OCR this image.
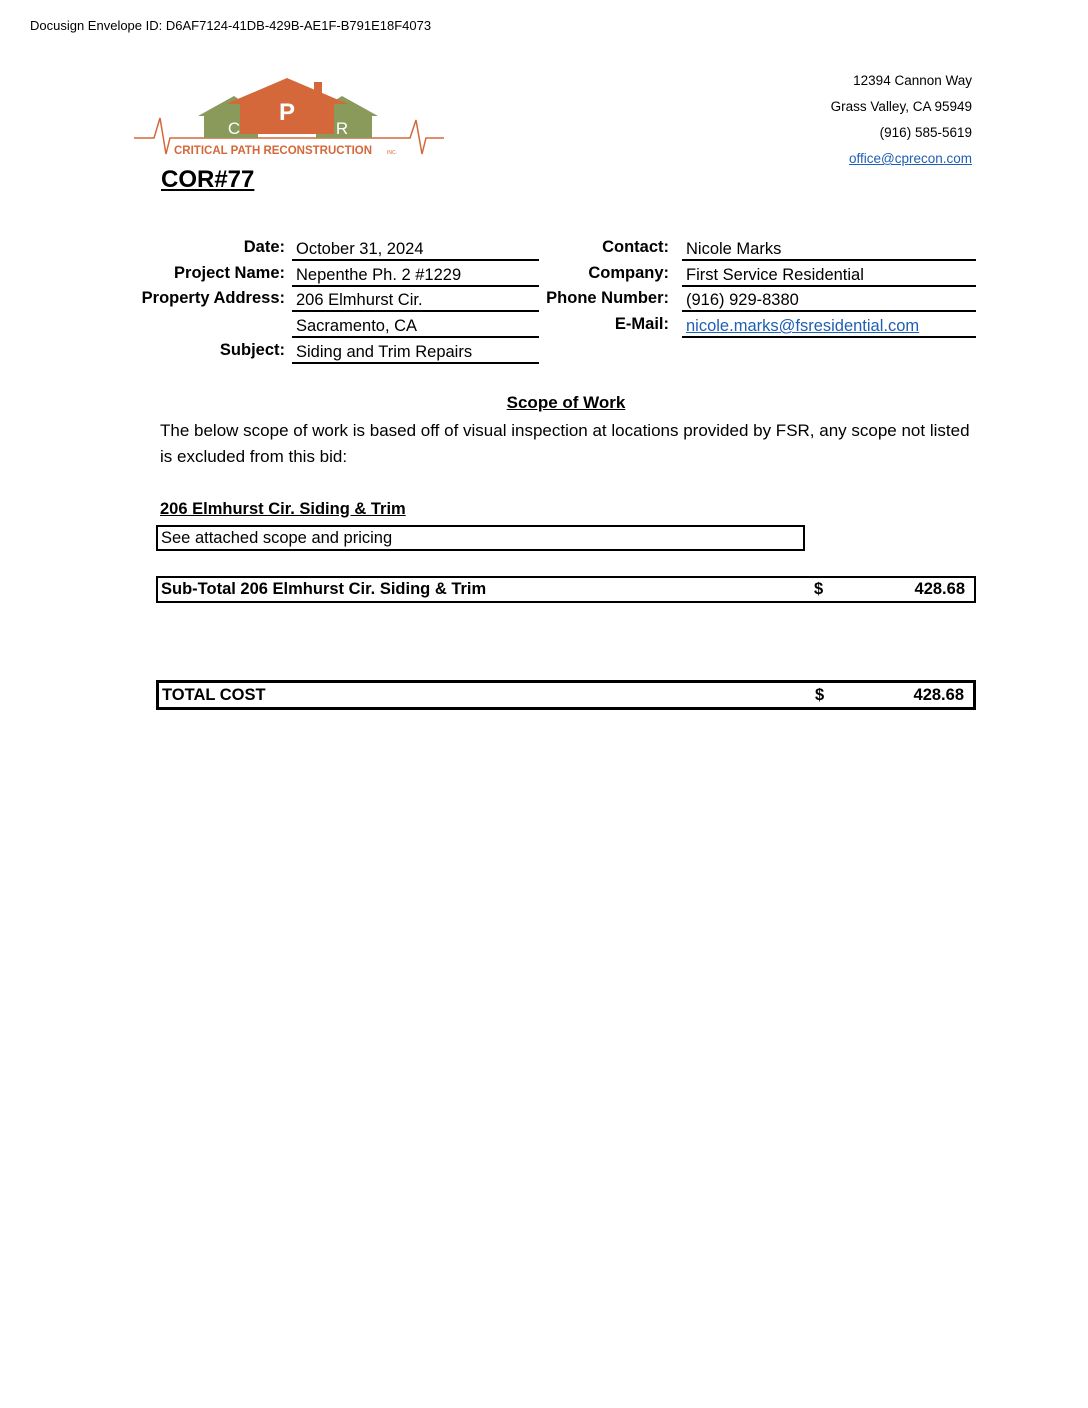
Docusign Envelope ID: D6AF7124-41DB-429B-AE1F-B791E18F4073
P
C	R
CRITICAL PATH RECONSTRUCTION	INC.
12394 Cannon Way
Grass Valley, CA 95949
(916) 585-5619
office@cprecon.com
COR#77
Date: October 31, 2024
Project Name: Nepenthe Ph. 2 #1229
Property Address: 206 Elmhurst Cir.
Sacramento, CA
Subject: Siding and Trim Repairs
Contact: Nicole Marks
Company: First Service Residential
Phone Number: (916) 929-8380
E-Mail: nicole.marks@fsresidential.com
Scope of Work
The below scope of work is based off of visual inspection at locations provided by FSR, any scope not listed is excluded from this bid:
206 Elmhurst Cir. Siding & Trim
See attached scope and pricing
Sub-Total 206 Elmhurst Cir. Siding & Trim	$	428.68
TOTAL COST	$	428.68
